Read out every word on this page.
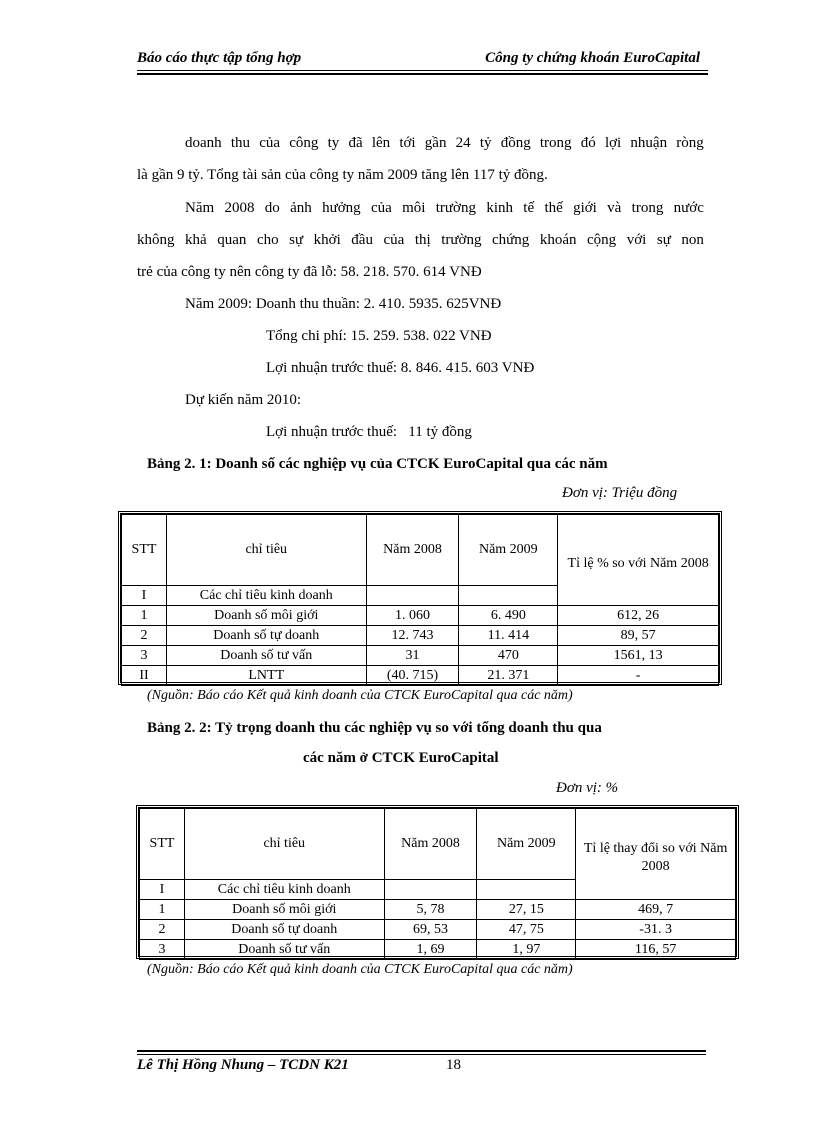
Báo cáo thực tập tổng hợp	Công ty chứng khoán EuroCapital
doanh thu của công ty đã lên tới gần 24 tỷ đồng trong đó lợi nhuận ròng
là gần 9 tỷ. Tổng tài sản của công ty năm 2009 tăng lên 117 tỷ đồng.
Năm 2008 do ảnh hưởng của môi trường kinh tế thế giới và trong nước
không khả quan cho sự khởi đầu của thị trường chứng khoán cộng với sự non
trẻ của công ty nên công ty đã lỗ: 58. 218. 570. 614 VNĐ
Năm 2009: Doanh thu thuần: 2. 410. 5935. 625VNĐ
Tổng chi phí: 15. 259. 538. 022 VNĐ
Lợi nhuận trước thuế: 8. 846. 415. 603 VNĐ
Dự kiến năm 2010:
Lợi nhuận trước thuế:   11 tỷ đồng
Bảng 2. 1: Doanh số các nghiệp vụ của CTCK EuroCapital qua các năm
Đơn vị: Triệu đồng
STT	chỉ tiêu	Năm 2008	Năm 2009	Tỉ lệ % so với Năm 2008
I	Các chỉ tiêu kinh doanh			
1	Doanh số môi giới	1. 060	6. 490	612, 26
2	Doanh số tự doanh	12. 743	11. 414	89, 57
3	Doanh số tư vấn	31	470	1561, 13
II	LNTT	(40. 715)	21. 371	-
(Nguồn: Báo cáo Kết quả kinh doanh của CTCK EuroCapital qua các năm)
Bảng 2. 2: Tỷ trọng doanh thu các nghiệp vụ so với tổng doanh thu qua
các năm ở CTCK EuroCapital
Đơn vị: %
STT	chỉ tiêu	Năm 2008	Năm 2009	Tỉ lệ thay đổi so với Năm 2008
I	Các chỉ tiêu kinh doanh			
1	Doanh số môi giới	5, 78	27, 15	469, 7
2	Doanh số tự doanh	69, 53	47, 75	-31. 3
3	Doanh số tư vấn	1, 69	1, 97	116, 57
(Nguồn: Báo cáo Kết quả kinh doanh của CTCK EuroCapital qua các năm)
Lê Thị Hồng Nhung – TCDN K21	18
